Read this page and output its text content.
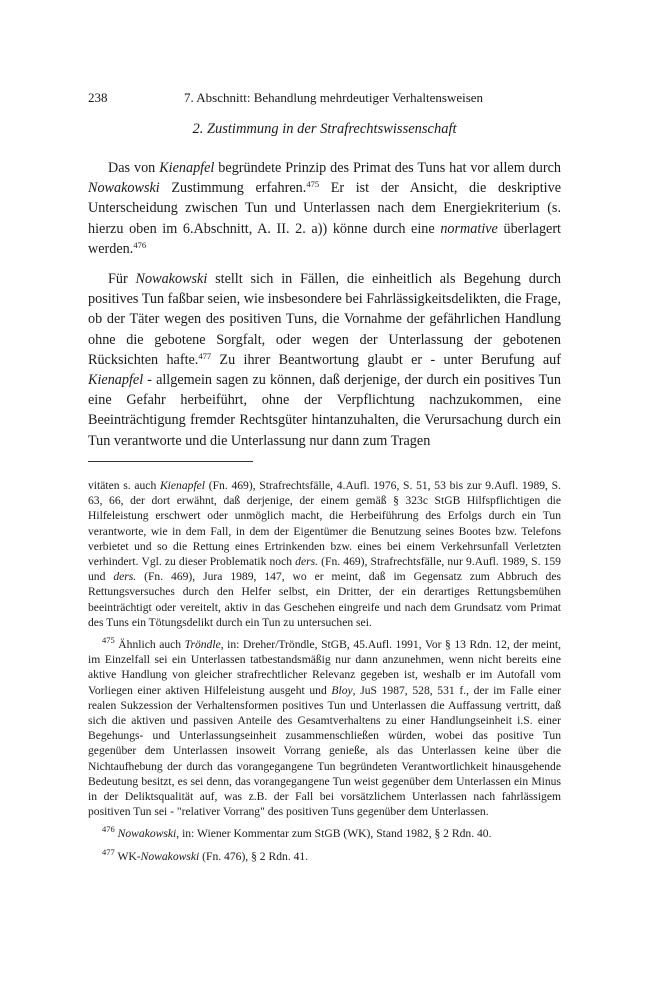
238	7. Abschnitt: Behandlung mehrdeutiger Verhaltensweisen
2. Zustimmung in der Strafrechtswissenschaft

Das von Kienapfel begründete Prinzip des Primat des Tuns hat vor allem durch Nowakowski Zustimmung erfahren.$^{475}$ Er ist der Ansicht, die deskriptive Unterscheidung zwischen Tun und Unterlassen nach dem Energiekriterium (s. hierzu oben im 6.Abschnitt, A. II. 2. a)) könne durch eine normative überlagert werden.$^{476}$

Für Nowakowski stellt sich in Fällen, die einheitlich als Begehung durch positives Tun faßbar seien, wie insbesondere bei Fahrlässigkeitsdelikten, die Frage, ob der Täter wegen des positiven Tuns, die Vornahme der gefährlichen Handlung ohne die gebotene Sorgfalt, oder wegen der Unterlassung der gebotenen Rücksichten hafte.$^{477}$ Zu ihrer Beantwortung glaubt er - unter Berufung auf Kienapfel - allgemein sagen zu können, daß derjenige, der durch ein positives Tun eine Gefahr herbeiführt, ohne der Verpflichtung nachzukommen, eine Beeinträchtigung fremder Rechtsgüter hintanzuhalten, die Verursachung durch ein Tun verantworte und die Unterlassung nur dann zum Tragen

vitäten s. auch Kienapfel (Fn. 469), Strafrechtsfälle, 4.Aufl. 1976, S. 51, 53 bis zur 9.Aufl. 1989, S. 63, 66, der dort erwähnt, daß derjenige, der einem gemäß § 323c StGB Hilfspflichtigen die Hilfeleistung erschwert oder unmöglich macht, die Herbeiführung des Erfolgs durch ein Tun verantworte, wie in dem Fall, in dem der Eigentümer die Benutzung seines Bootes bzw. Telefons verbietet und so die Rettung eines Ertrinkenden bzw. eines bei einem Verkehrsunfall Verletzten verhindert. Vgl. zu dieser Problematik noch ders. (Fn. 469), Strafrechtsfälle, nur 9.Aufl. 1989, S. 159 und ders. (Fn. 469), Jura 1989, 147, wo er meint, daß im Gegensatz zum Abbruch des Rettungsversuches durch den Helfer selbst, ein Dritter, der ein derartiges Rettungsbemühen beeinträchtigt oder vereitelt, aktiv in das Geschehen eingreife und nach dem Grundsatz vom Primat des Tuns ein Tötungsdelikt durch ein Tun zu untersuchen sei.

$^{475}$ Ähnlich auch Tröndle, in: Dreher/Tröndle, StGB, 45.Aufl. 1991, Vor § 13 Rdn. 12, der meint, im Einzelfall sei ein Unterlassen tatbestandsmäßig nur dann anzunehmen, wenn nicht bereits eine aktive Handlung von gleicher strafrechtlicher Relevanz gegeben ist, weshalb er im Autofall vom Vorliegen einer aktiven Hilfeleistung ausgeht und Bloy, JuS 1987, 528, 531 f., der im Falle einer realen Sukzession der Verhaltensformen positives Tun und Unterlassen die Auffassung vertritt, daß sich die aktiven und passiven Anteile des Gesamtverhaltens zu einer Handlungseinheit i.S. einer Begehungs- und Unterlassungseinheit zusammenschließen würden, wobei das positive Tun gegenüber dem Unterlassen insoweit Vorrang genieße, als das Unterlassen keine über die Nichtaufhebung der durch das vorangegangene Tun begründeten Verantwortlichkeit hinausgehende Bedeutung besitzt, es sei denn, das vorangegangene Tun weist gegenüber dem Unterlassen ein Minus in der Deliktsqualität auf, was z.B. der Fall bei vorsätzlichem Unterlassen nach fahrlässigem positiven Tun sei - "relativer Vorrang" des positiven Tuns gegenüber dem Unterlassen.

$^{476}$ Nowakowski, in: Wiener Kommentar zum StGB (WK), Stand 1982, § 2 Rdn. 40.

$^{477}$ WK-Nowakowski (Fn. 476), § 2 Rdn. 41.
